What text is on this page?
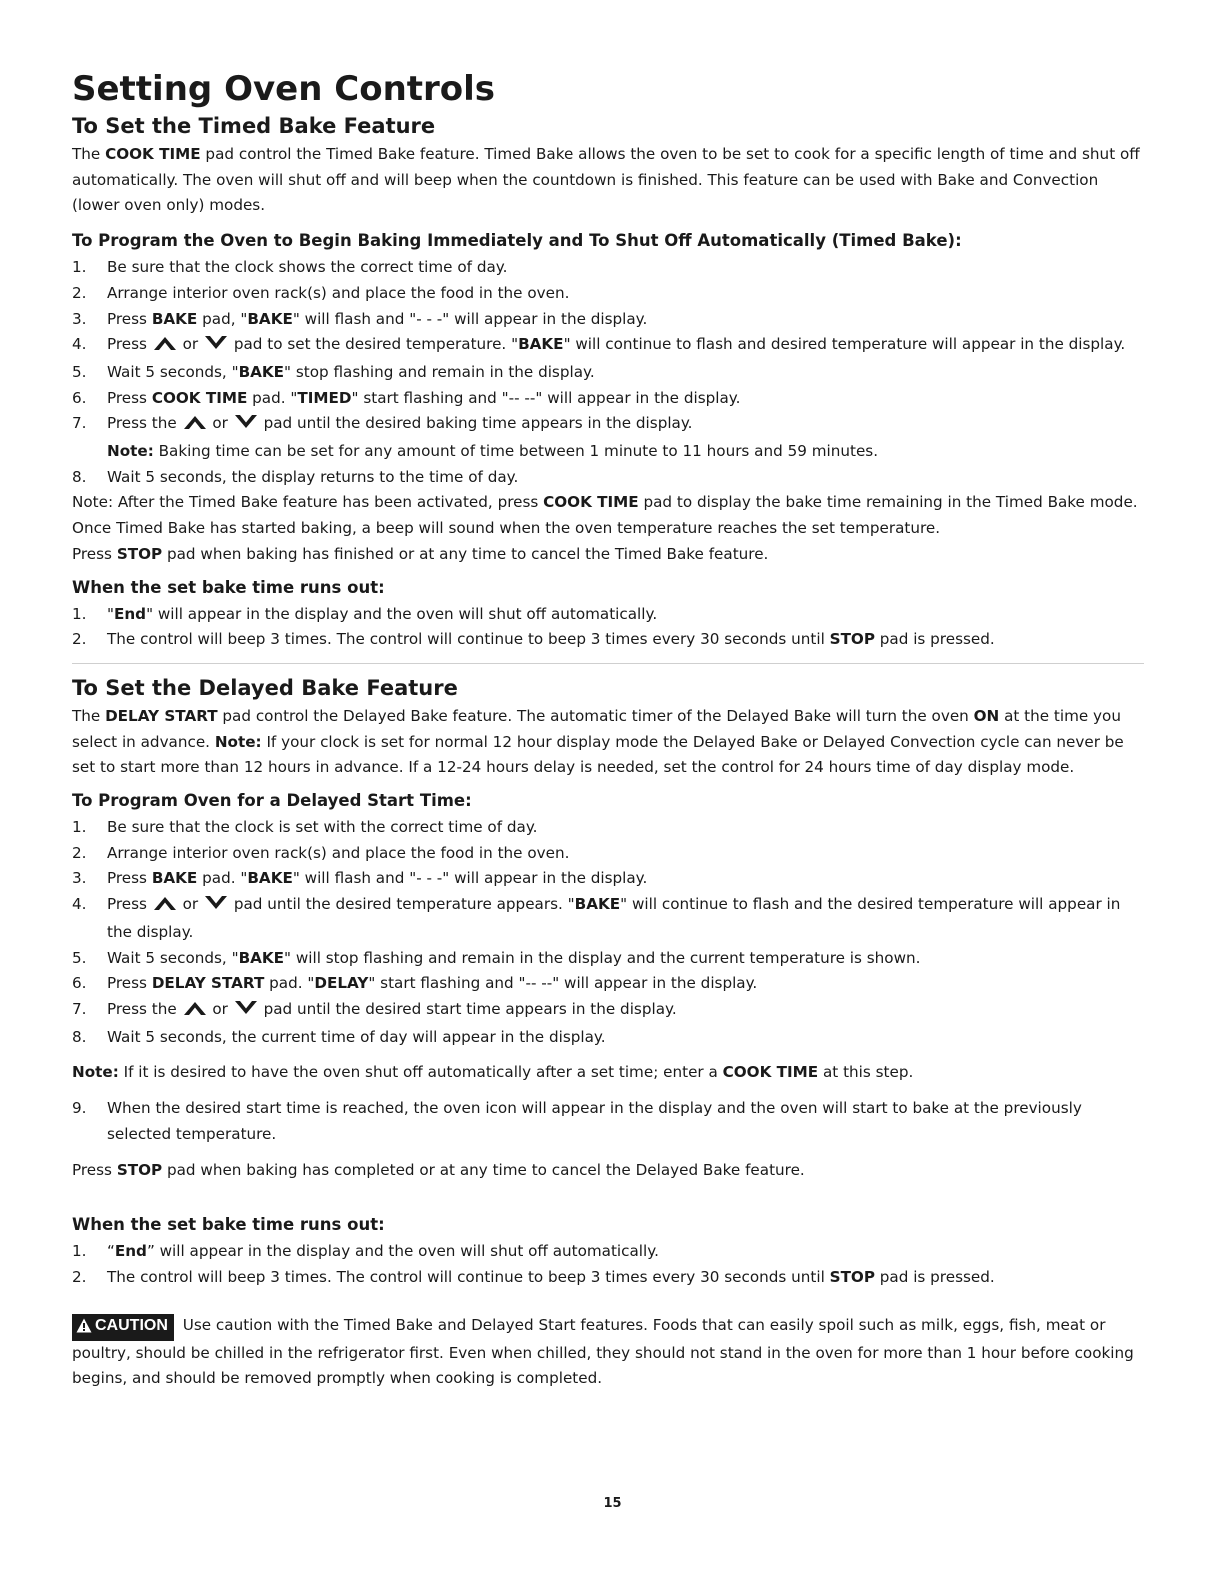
Setting Oven Controls
To Set the Timed Bake Feature

The COOK TIME pad control the Timed Bake feature. Timed Bake allows the oven to be set to cook for a specific length of time and shut off automatically. The oven will shut off and will beep when the countdown is finished. This feature can be used with Bake and Convection (lower oven only) modes.

To Program the Oven to Begin Baking Immediately and To Shut Off Automatically (Timed Bake):
1. Be sure that the clock shows the correct time of day.
2. Arrange interior oven rack(s) and place the food in the oven.
3. Press BAKE pad, "BAKE" will flash and "- - -" will appear in the display.
4. Press  or  pad to set the desired temperature. "BAKE" will continue to flash and desired temperature will appear in the display.
5. Wait 5 seconds, "BAKE" stop flashing and remain in the display.
6. Press COOK TIME pad. "TIMED" start flashing and "-- --" will appear in the display.
7. Press the  or  pad until the desired baking time appears in the display.
Note: Baking time can be set for any amount of time between 1 minute to 11 hours and 59 minutes.
8. Wait 5 seconds, the display returns to the time of day.

Note: After the Timed Bake feature has been activated, press COOK TIME pad to display the bake time remaining in the Timed Bake mode. Once Timed Bake has started baking, a beep will sound when the oven temperature reaches the set temperature.

Press STOP pad when baking has finished or at any time to cancel the Timed Bake feature.

When the set bake time runs out:
1. "End" will appear in the display and the oven will shut off automatically.
2. The control will beep 3 times. The control will continue to beep 3 times every 30 seconds until STOP pad is pressed.
To Set the Delayed Bake Feature

The DELAY START pad control the Delayed Bake feature. The automatic timer of the Delayed Bake will turn the oven ON at the time you select in advance. Note: If your clock is set for normal 12 hour display mode the Delayed Bake or Delayed Convection cycle can never be set to start more than 12 hours in advance. If a 12-24 hours delay is needed, set the control for 24 hours time of day display mode.

To Program Oven for a Delayed Start Time:
1. Be sure that the clock is set with the correct time of day.
2. Arrange interior oven rack(s) and place the food in the oven.
3. Press BAKE pad. "BAKE" will flash and "- - -" will appear in the display.
4. Press  or  pad until the desired temperature appears. "BAKE" will continue to flash and the desired temperature will appear in the display.
5. Wait 5 seconds, "BAKE" will stop flashing and remain in the display and the current temperature is shown.
6. Press DELAY START pad. "DELAY" start flashing and "-- --" will appear in the display.
7. Press the  or  pad until the desired start time appears in the display.
8. Wait 5 seconds, the current time of day will appear in the display.

Note: If it is desired to have the oven shut off automatically after a set time; enter a COOK TIME at this step.

9. When the desired start time is reached, the oven icon will appear in the display and the oven will start to bake at the previously selected temperature.

Press STOP pad when baking has completed or at any time to cancel the Delayed Bake feature.

When the set bake time runs out:
1. “End” will appear in the display and the oven will shut off automatically.
2. The control will beep 3 times. The control will continue to beep 3 times every 30 seconds until STOP pad is pressed.

CAUTION Use caution with the Timed Bake and Delayed Start features. Foods that can easily spoil such as milk, eggs, fish, meat or poultry, should be chilled in the refrigerator first. Even when chilled, they should not stand in the oven for more than 1 hour before cooking begins, and should be removed promptly when cooking is completed.

15
